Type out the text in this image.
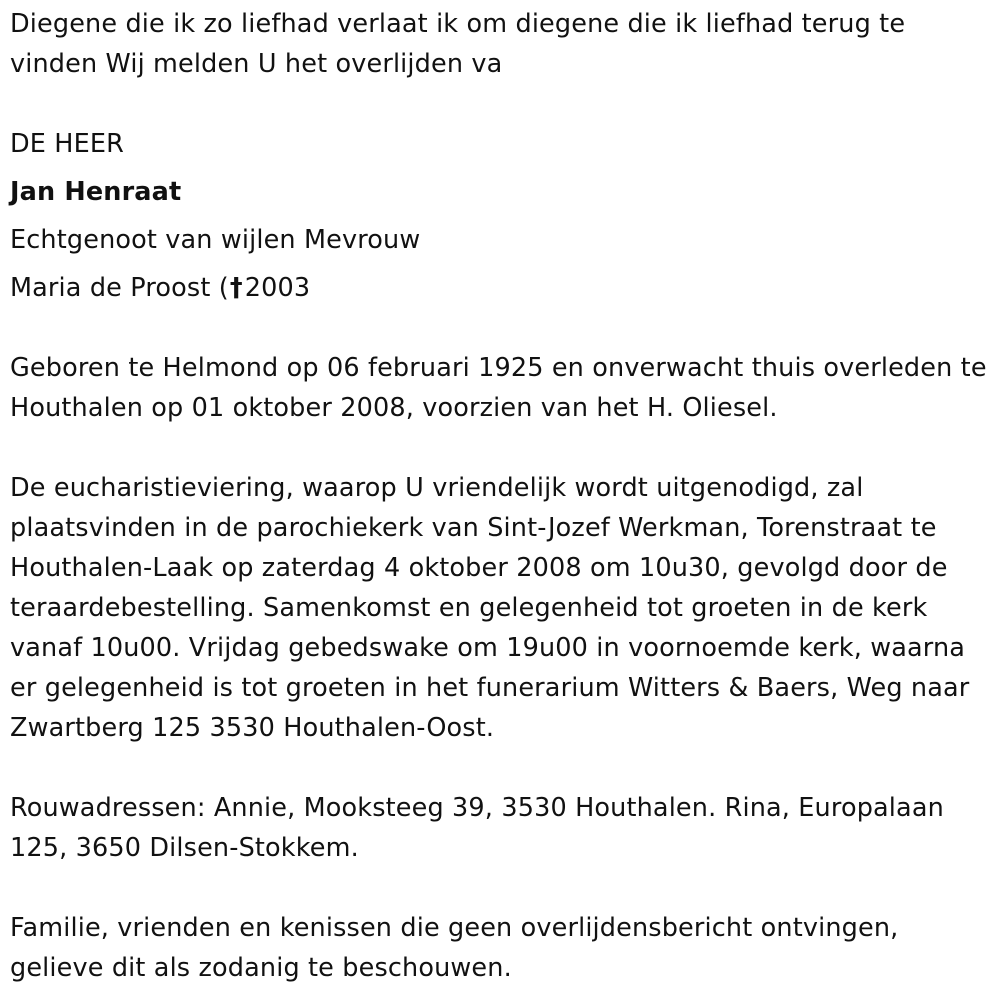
Diegene die ik zo liefhad verlaat ik om diegene die ik liefhad terug te vinden Wij melden U het overlijden va

DE HEER

Jan Henraat

Echtgenoot van wijlen Mevrouw

Maria de Proost (†2003

Geboren te Helmond op 06 februari 1925 en onverwacht thuis overleden te Houthalen op 01 oktober 2008, voorzien van het H. Oliesel.

De eucharistieviering, waarop U vriendelijk wordt uitgenodigd, zal plaatsvinden in de parochiekerk van Sint-Jozef Werkman, Torenstraat te Houthalen-Laak op zaterdag 4 oktober 2008 om 10u30, gevolgd door de teraardebestelling. Samenkomst en gelegenheid tot groeten in de kerk vanaf 10u00. Vrijdag gebedswake om 19u00 in voornoemde kerk, waarna er gelegenheid is tot groeten in het funerarium Witters & Baers, Weg naar Zwartberg 125 3530 Houthalen-Oost.

Rouwadressen: Annie, Mooksteeg 39, 3530 Houthalen. Rina, Europalaan 125, 3650 Dilsen-Stokkem.

Familie, vrienden en kenissen die geen overlijdensbericht ontvingen, gelieve dit als zodanig te beschouwen.
